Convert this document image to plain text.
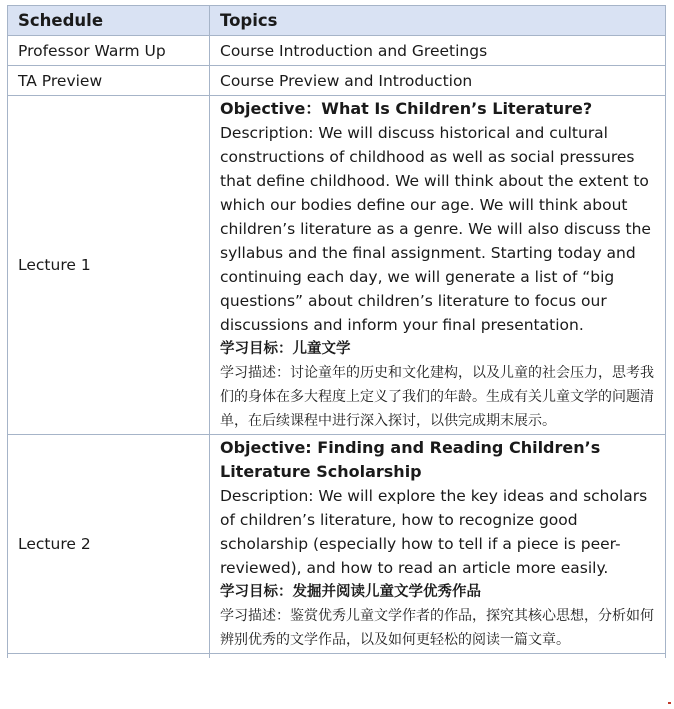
Schedule	Topics
Professor Warm Up	Course Introduction and Greetings
TA Preview	Course Preview and Introduction
Lecture 1	Objective：What Is Children’s Literature?

Description: We will discuss historical and cultural constructions of childhood as well as social pressures that define childhood. We will think about the extent to which our bodies define our age. We will think about children’s literature as a genre. We will also discuss the syllabus and the final assignment. Starting today and continuing each day, we will generate a list of “big questions” about children’s literature to focus our discussions and inform your final presentation.

学习目标：儿童文学

学习描述：讨论童年的历史和文化建构，以及儿童的社会压力，思考我们的身体在多大程度上定义了我们的年龄。生成有关儿童文学的问题清单，在后续课程中进行深入探讨，以供完成期末展示。

Lecture 2	Objective: Finding and Reading Children’s Literature Scholarship

Description: We will explore the key ideas and scholars of children’s literature, how to recognize good scholarship (especially how to tell if a piece is peer-reviewed), and how to read an article more easily.

学习目标：发掘并阅读儿童文学优秀作品

学习描述：鉴赏优秀儿童文学作者的作品，探究其核心思想，分析如何辨别优秀的文学作品，以及如何更轻松的阅读一篇文章。
